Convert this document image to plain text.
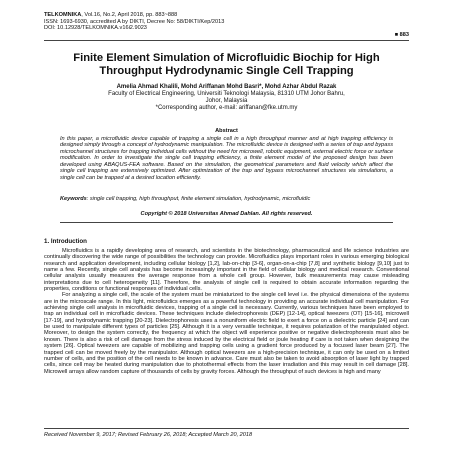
TELKOMNIKA, Vol.16, No.2, April 2018, pp. 883~888
ISSN: 1693-6930, accredited A by DIKTI, Decree No: 58/DIKTI/Kep/2013
DOI: 10.12928/TELKOMNIKA.v16i2.9023
■ 883
Finite Element Simulation of Microfluidic Biochip for High Throughput Hydrodynamic Single Cell Trapping
Amelia Ahmad Khalili, Mohd Ariffanan Mohd Basri*, Mohd Azhar Abdul Razak
Faculty of Electrical Engineering, Universiti Teknologi Malaysia, 81310 UTM Johor Bahru,
Johor, Malaysia
*Corresponding author, e-mail: ariffanan@fke.utm.my
Abstract
In this paper, a microfluidic device capable of trapping a single cell in a high throughput manner and at high trapping efficiency is designed simply through a concept of hydrodynamic manipulation. The microfluidic device is designed with a series of trap and bypass microchannel structures for trapping individual cells without the need for microwell, robotic equipment, external electric force or surface modification. In order to investigate the single cell trapping efficiency, a finite element model of the proposed design has been developed using ABAQUS-FEA software. Based on the simulation, the geometrical parameters and fluid velocity which affect the single cell trapping are extensively optimized. After optimization of the trap and bypass microchannel structures via simulations, a single cell can be trapped at a desired location efficiently.
Keywords: single cell trapping, high throughput, finite element simulation, hydrodynamic, microfluidic
Copyright © 2018 Universitas Ahmad Dahlan. All rights reserved.
1. Introduction

Microfluidics is a rapidly developing area of research, and scientists in the biotechnology, pharmaceutical and life science industries are continually discovering the wide range of possibilities the technology can provide. Microfluidics plays important roles in various emerging biological research and application development, including cellular biology [1,2], lab-on-chip [3-6], organ-on-a-chip [7,8] and synthetic biology [9,10] just to name a few. Recently, single cell analysis has become increasingly important in the field of cellular biology and medical research. Conventional cellular analysis usually measures the average response from a whole cell group. However, bulk measurements may cause misleading interpretations due to cell heterogeneity [11]. Therefore, the analysis of single cell is required to obtain accurate information regarding the properties, conditions or functional responses of individual cells.

For analyzing a single cell, the scale of the system must be miniaturized to the single cell level i.e. the physical dimensions of the systems are in the microscale range. In this light, microfluidics emerges as a powerful technology in providing an accurate individual cell manipulation. For achieving single cell analysis in microfluidic devices, trapping of a single cell is necessary. Currently, various techniques have been employed to trap an individual cell in microfluidic devices. These techniques include dielectrophoresis (DEP) [12-14], optical tweezers (OT) [15-16], microwell [17-19], and hydrodynamic trapping [20-23]. Dielectrophoresis uses a nonuniform electric field to exert a force on a dielectric particle [24] and can be used to manipulate different types of particles [25]. Although it is a very versatile technique, it requires polarization of the manipulated object. Moreover, to design the system correctly, the frequency at which the object will experience positive or negative dielectrophoresis must also be known. There is also a risk of cell damage from the stress induced by the electrical field or joule heating if care is not taken when designing the system [26]. Optical tweezers are capable of mobilizing and trapping cells using a gradient force produced by a focused laser beam [27]. The trapped cell can be moved freely by the manipulator. Although optical tweezers are a high-precision technique, it can only be used on a limited number of cells, and the position of the cell needs to be known in advance. Care must also be taken to avoid absorption of laser light by trapped cells, since cell may be heated during manipulation due to photothermal effects from the laser irradiation and this may result in cell damage [28]. Microwell arrays allow random capture of thousands of cells by gravity forces. Although the throughput of such devices is high and many

Received November 9, 2017; Revised February 26, 2018; Accepted March 20, 2018
